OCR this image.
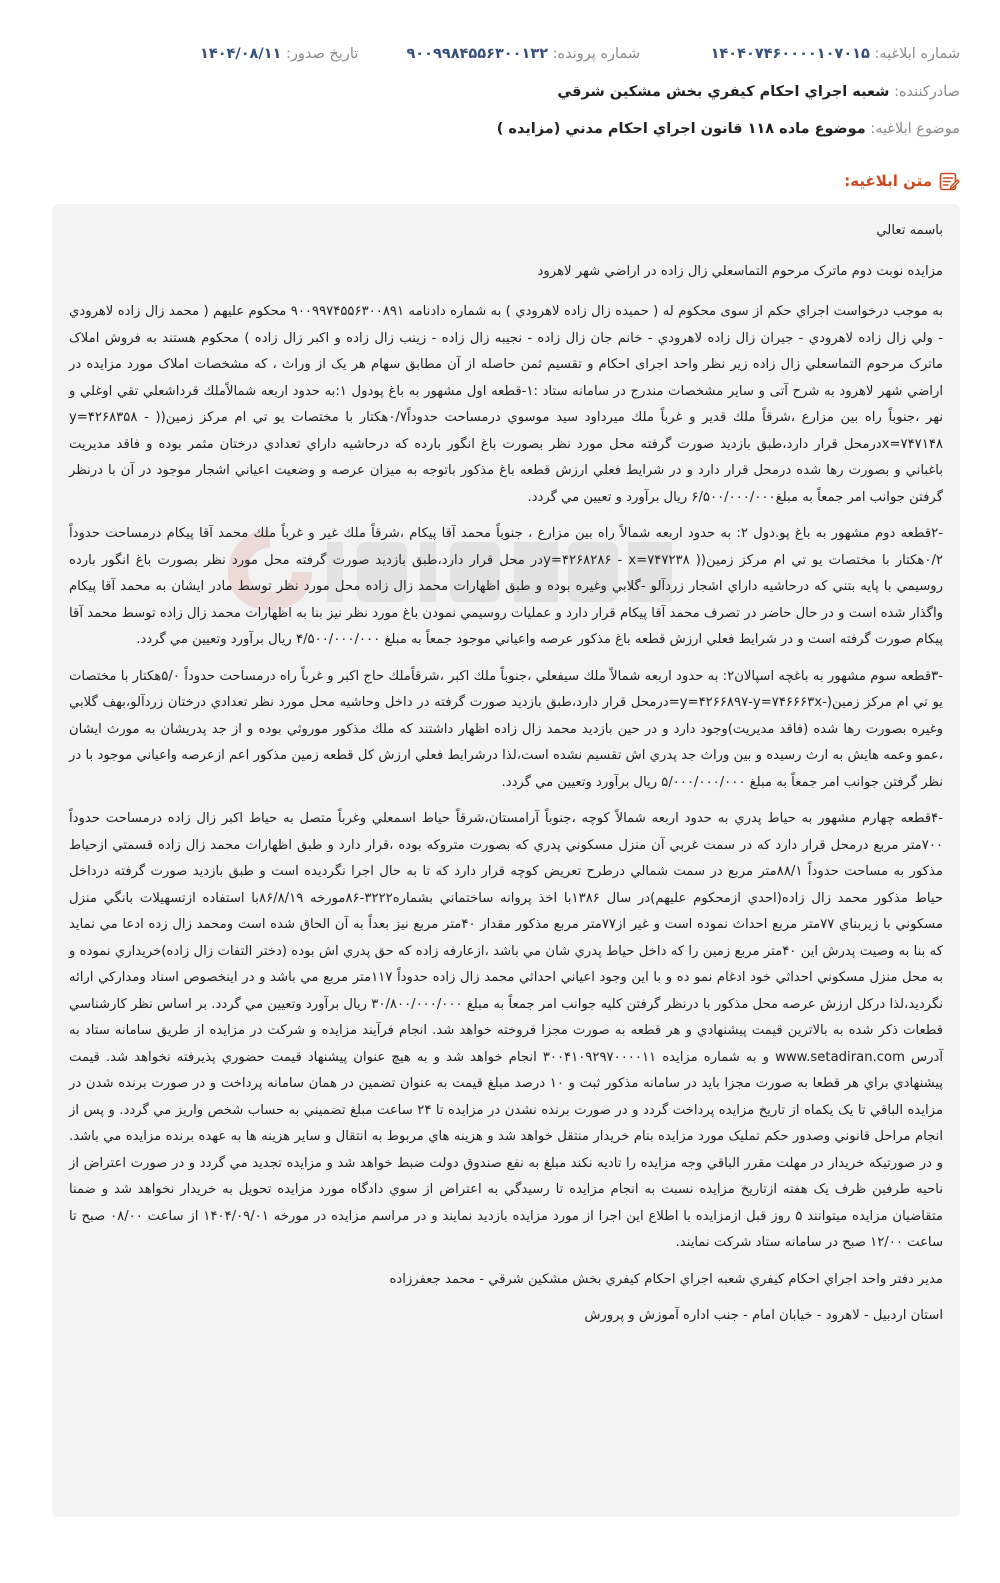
شماره ابلاغيه: ۱۴۰۴۰۷۴۶۰۰۰۰۱۰۷۰۱۵
شماره پرونده: ۹۰۰۹۹۸۴۵۵۶۳۰۰۱۳۲
تاريخ صدور: ۱۴۰۴/۰۸/۱۱
صادرکننده: شعبه اجراي احكام كيفري بخش مشكين شرقي
موضوع ابلاغيه: موضوع ماده ۱۱۸ قانون اجراي احکام مدني (مزايده )
متن ابلاغيه:

باسمه تعالي

مزايده نوبت دوم ماترک مرحوم التماسعلي زال زاده در اراضي شهر لاهرود

به موجب درخواست اجراي حکم از سوی محکوم له ( حميده زال زاده لاهرودي ) به شماره دادنامه ۹۰۰۹۹۷۴۵۵۶۳۰۰۸۹۱ محکوم عليهم ( محمد زال زاده لاهرودي - ولي زال زاده لاهرودي - جيران زال زاده لاهرودي - خانم جان زال زاده - نجيبه زال زاده - زينب زال زاده و اکبر زال زاده ) محکوم هستند به فروش املاک ماترک مرحوم التماسعلي زال زاده زير نظر واحد اجرای احکام و تقسيم ثمن حاصله از آن مطابق سهام هر يک از وراث ، که مشخصات املاک مورد مزايده در اراضي شهر لاهرود به شرح آتی و ساير مشخصات مندرج در سامانه ستاد :۱-قطعه اول مشهور به باغ پودول ۱:به حدود اربعه شمالاًملك قرداشعلي تقي اوغلي و نهر ،جنوباً راه بين مزارع ،شرقاً ملك قدير و غرباً ملك ميرداود سيد موسوي درمساحت حدوداً۰/۷هكتار با مختصات يو تي ام مركز زمين(( y=۴۲۶۸۳۵۸ - x=۷۴۷۱۴۸درمحل قرار دارد،طبق بازديد صورت گرفته محل مورد نظر بصورت باغ انگور بارده كه درحاشيه داراي تعدادي درختان مثمر بوده و فاقد مديريت باغباني و بصورت رها شده درمحل قرار دارد و در شرايط فعلي ارزش قطعه باغ مذكور باتوجه به ميزان عرصه و وضعيت اعياني اشجار موجود در آن با درنظر گرفتن جوانب امر جمعاً به مبلغ۶/۵۰۰/۰۰۰/۰۰۰ ريال برآورد و تعيين مي گردد.

-۲قطعه دوم مشهور به باغ پو.دول ۲: به حدود اربعه شمالاً راه بين مزارع ، جنوباً محمد آقا پيكام ،شرقاً ملك غير و غرباً ملك محمد آقا پيكام درمساحت حدوداً ۰/۲هكتار با مختصات يو تي ام مركز زمين(( y=۴۲۶۸۲۸۶ - x=۷۴۷۲۳۸در محل قرار دارد،طبق بازديد صورت گرفته محل مورد نظر بصورت باغ انگور بارده روسيمي با پايه بتني كه درحاشيه داراي اشجار زردآلو -گلابي وغيره بوده و طبق اظهارات محمد زال زاده محل مورد نظر توسط مادر ايشان به محمد آقا پيكام واگذار شده است و در حال حاضر در تصرف محمد آقا پيكام قرار دارد و عمليات روسيمي نمودن باغ مورد نظر نيز بنا به اظهارات محمد زال زاده توسط محمد آقا پيكام صورت گرفته است و در شرايط فعلي ارزش قطعه باغ مذكور عرصه واعياني موجود جمعاً به مبلغ ۴/۵۰۰/۰۰۰/۰۰۰ ريال برآورد وتعيين مي گردد.

-۳قطعه سوم مشهور به باغچه اسپالان۲: به حدود اربعه شمالاً ملك سيفعلي ،جنوباً ملك اكبر ،شرقاًملك حاج اكبر و غرباً راه درمساحت حدوداً ۵/۰هكتار با مختصات يو تي ام مركز زمين(-y=۴۲۶۶۸۹۷-y=۷۴۶۶۶۳x=درمحل قرار دارد،طبق بازديد صورت گرفته در داخل وحاشيه محل مورد نظر تعدادي درختان زردآلو،بهف گلابي وغيره بصورت رها شده (فاقد مديريت)وجود دارد و در حين بازديد محمد زال زاده اظهار داشتند كه ملك مذكور موروثي بوده و از جد پدريشان به مورث ايشان ،عمو وعمه هايش به ارث رسيده و بين وراث جد پدري اش تقسيم نشده است،لذا درشرايط فعلي ارزش كل قطعه زمين مذكور اعم ازعرصه واعياني موجود با در نظر گرفتن جوانب امر جمعاً به مبلغ ۵/۰۰۰/۰۰۰/۰۰۰ ريال برآورد وتعيين مي گردد.

-۴قطعه چهارم مشهور به حياط پدري به حدود اربعه شمالاً كوچه ،جنوباً آرامستان،شرقاً حياط اسمعلي وغرباً متصل به حياط اكبر زال زاده درمساحت حدوداً ۷۰۰متر مربع درمحل قرار دارد كه در سمت غربي آن منزل مسكوني پدري كه بصورت متروكه بوده ،قرار دارد و طبق اظهارات محمد زال زاده قسمتي ازحياط مذكور به مساحت حدوداً ۸۸/۱متر مربع در سمت شمالي درطرح تعريض كوچه قرار دارد كه تا به حال اجرا نگرديده است و طبق بازديد صورت گرفته درداخل حياط مذكور محمد زال زاده(احدي ازمحكوم عليهم)در سال ۱۳۸۶با اخذ پروانه ساختماني بشماره۳۲۲۲-۸۶مورخه ۸۶/۸/۱۹با استفاده ازتسهيلات بانگي منزل مسكوني با زيربناي ۷۷متر مربع احداث نموده است و غير از۷۷متر مربع مذكور مقدار ۴۰متر مربع نيز بعداً به آن الحاق شده است ومحمد زال زده ادعا مي نمايد كه بنا به وصيت پدرش اين ۴۰متر مربع زمين را كه داخل حياط پدري شان مي باشد ،ازعارفه زاده كه حق پدري اش بوده (دختر التفات زال زاده)خريداري نموده و به محل منزل مسكوني احداثي خود ادغام نمو ده و با اين وجود اعياني احداثي محمد زال زاده حدوداً ۱۱۷متر مربع مي باشد و در اينخصوص اسناد ومداركي ارائه نگرديد،لذا دركل ارزش عرصه محل مذكور با درنظر گرفتن كليه جوانب امر جمعاً به مبلغ ۳۰/۸۰۰/۰۰۰/۰۰۰ ريال برآورد وتعيين مي گردد. بر اساس نظر کارشناسي قطعات ذکر شده به بالاترين قيمت پيشنهادي و هر قطعه به صورت مجزا فروخته خواهد شد. انجام فرآيند مزايده و شرکت در مزايده از طريق سامانه ستاد به آدرس www.setadiran.com و به شماره مزايده ۳۰۰۴۱۰۹۲۹۷۰۰۰۰۱۱ انجام خواهد شد و به هيچ عنوان پيشنهاد قيمت حضوري پذيرفته نخواهد شد. قيمت پيشنهادي براي هر قطعا به صورت مجزا بايد در سامانه مذکور ثبت و ۱۰ درصد مبلغ قيمت به عنوان تضمين در همان سامانه پرداخت و در صورت برنده شدن در مزايده الباقي تا يک يکماه از تاريخ مزايده پرداخت گردد و در صورت برنده نشدن در مزايده تا ۲۴ ساعت مبلغ تضميني به حساب شخص واريز مي گردد. و پس از انجام مراحل قانوني وصدور حکم تمليک مورد مزايده بنام خريدار منتقل خواهد شد و هزينه هاي مربوط به انتقال و ساير هزينه ها به عهده برنده مزايده مي باشد. و در صورتيکه خريدار در مهلت مقرر الباقي وجه مزايده را تاديه نکند مبلغ به نفع صندوق دولت ضبط خواهد شد و مزايده تجديد مي گردد و در صورت اعتراض از ناحيه طرفين ظرف يک هفته ازتاريخ مزايده نسبت به انجام مزايده تا رسيدگي به اعتراض از سوي دادگاه مورد مزايده تحويل به خريدار نخواهد شد و ضمنا متقاضيان مزايده ميتوانند ۵ روز قبل ازمزايده با اطلاع اين اجرا از مورد مزايده بازديد نمايند و در مراسم مزايده در مورخه ۱۴۰۴/۰۹/۰۱ از ساعت ۰۸/۰۰ صبح تا ساعت ۱۲/۰۰ صبح در سامانه ستاد شرکت نمايند.

مدير دفتر واحد اجراي احکام کيفري شعبه اجراي احكام كيفري بخش مشكين شرقي - محمد جعفرزاده

استان اردبيل - لاهرود - خيابان امام - جنب اداره آموزش و پرورش
